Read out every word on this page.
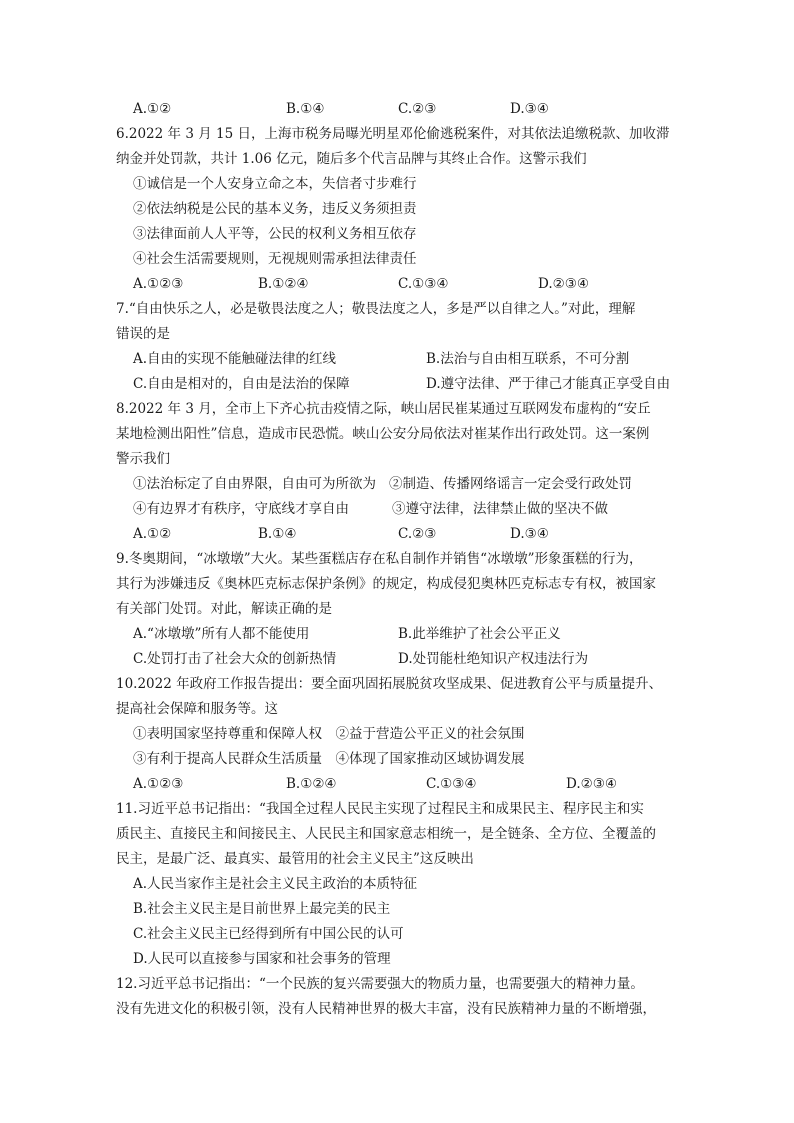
A.①②	B.①④	C.②③	D.③④
6.2022 年 3 月 15 日，上海市税务局曝光明星邓伦偷逃税案件，对其依法追缴税款、加收滞
纳金并处罚款，共计 1.06 亿元，随后多个代言品牌与其终止合作。这警示我们
①诚信是一个人安身立命之本，失信者寸步难行
②依法纳税是公民的基本义务，违反义务须担责
③法律面前人人平等，公民的权利义务相互依存
④社会生活需要规则，无视规则需承担法律责任
A.①②③	B.①②④	C.①③④	D.②③④
7.“自由快乐之人，必是敬畏法度之人；敬畏法度之人，多是严以自律之人。”对此，理解
错误的是
A.自由的实现不能触碰法律的红线	B.法治与自由相互联系，不可分割
C.自由是相对的，自由是法治的保障	D.遵守法律、严于律己才能真正享受自由
8.2022 年 3 月，全市上下齐心抗击疫情之际，峡山居民崔某通过互联网发布虚构的“安丘
某地检测出阳性”信息，造成市民恐慌。峡山公安分局依法对崔某作出行政处罚。这一案例
警示我们
①法治标定了自由界限，自由可为所欲为 ②制造、传播网络谣言一定会受行政处罚
④有边界才有秩序，守底线才享自由	③遵守法律，法律禁止做的坚决不做
A.①②	B.①④	C.②③	D.③④
9.冬奥期间，“冰墩墩”大火。某些蛋糕店存在私自制作并销售“冰墩墩”形象蛋糕的行为，
其行为涉嫌违反《奥林匹克标志保护条例》的规定，构成侵犯奥林匹克标志专有权，被国家
有关部门处罚。对此，解读正确的是
A.“冰墩墩”所有人都不能使用	B.此举维护了社会公平正义
C.处罚打击了社会大众的创新热情	D.处罚能杜绝知识产权违法行为
10.2022 年政府工作报告提出：要全面巩固拓展脱贫攻坚成果、促进教育公平与质量提升、
提高社会保障和服务等。这
①表明国家坚持尊重和保障人权　②益于营造公平正义的社会氛围
③有利于提高人民群众生活质量　④体现了国家推动区域协调发展
A.①②③	B.①②④	C.①③④	D.②③④
11.习近平总书记指出：“我国全过程人民民主实现了过程民主和成果民主、程序民主和实
质民主、直接民主和间接民主、人民民主和国家意志相统一，是全链条、全方位、全覆盖的
民主，是最广泛、最真实、最管用的社会主义民主”这反映出
A.人民当家作主是社会主义民主政治的本质特征
B.社会主义民主是目前世界上最完美的民主
C.社会主义民主已经得到所有中国公民的认可
D.人民可以直接参与国家和社会事务的管理
12.习近平总书记指出：“一个民族的复兴需要强大的物质力量，也需要强大的精神力量。
没有先进文化的积极引领，没有人民精神世界的极大丰富，没有民族精神力量的不断增强，
